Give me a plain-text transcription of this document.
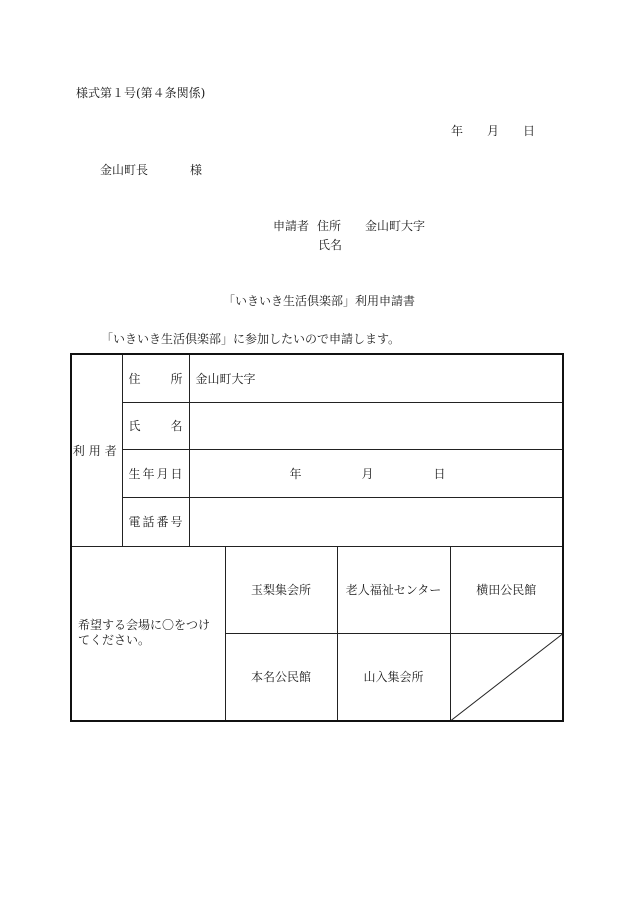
様式第１号(第４条関係)
年 月 日
金山町長	様
申請者 住所 金山町大字
氏名
「いきいき生活倶楽部」利用申請書
「いきいき生活倶楽部」に参加したいので申請します。
利用者	住 所	金山町大字			

	氏 名				

	生 年 月 日	年 月 日			

	電 話 番 号				

希望する会場に〇をつけてください。			玉梨集会所	老人福祉センター	横田公民館
			本名公民館	山入集会所	
